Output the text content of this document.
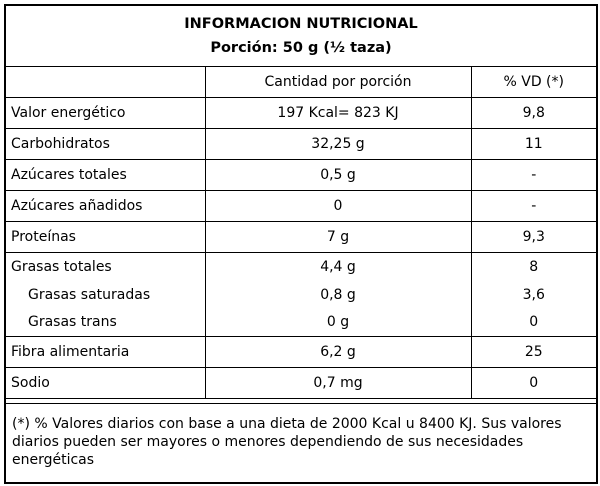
INFORMACION NUTRICIONAL
Porción: 50 g (½ taza)		

	Cantidad por porción	% VD (*)
Valor energético	197 Kcal= 823 KJ	9,8
Carbohidratos	32,25 g	11
Azúcares totales	0,5 g	-
Azúcares añadidos	0	-
Proteínas	7 g	9,3
Grasas totales	4,4 g	8
Grasas saturadas	0,8 g	3,6
Grasas trans	0 g	0
Fibra alimentaria	6,2 g	25
Sodio	0,7 mg	0

(*) % Valores diarios con base a una dieta de 2000 Kcal u 8400 KJ. Sus valores diarios pueden ser mayores o menores dependiendo de sus necesidades energéticas		
